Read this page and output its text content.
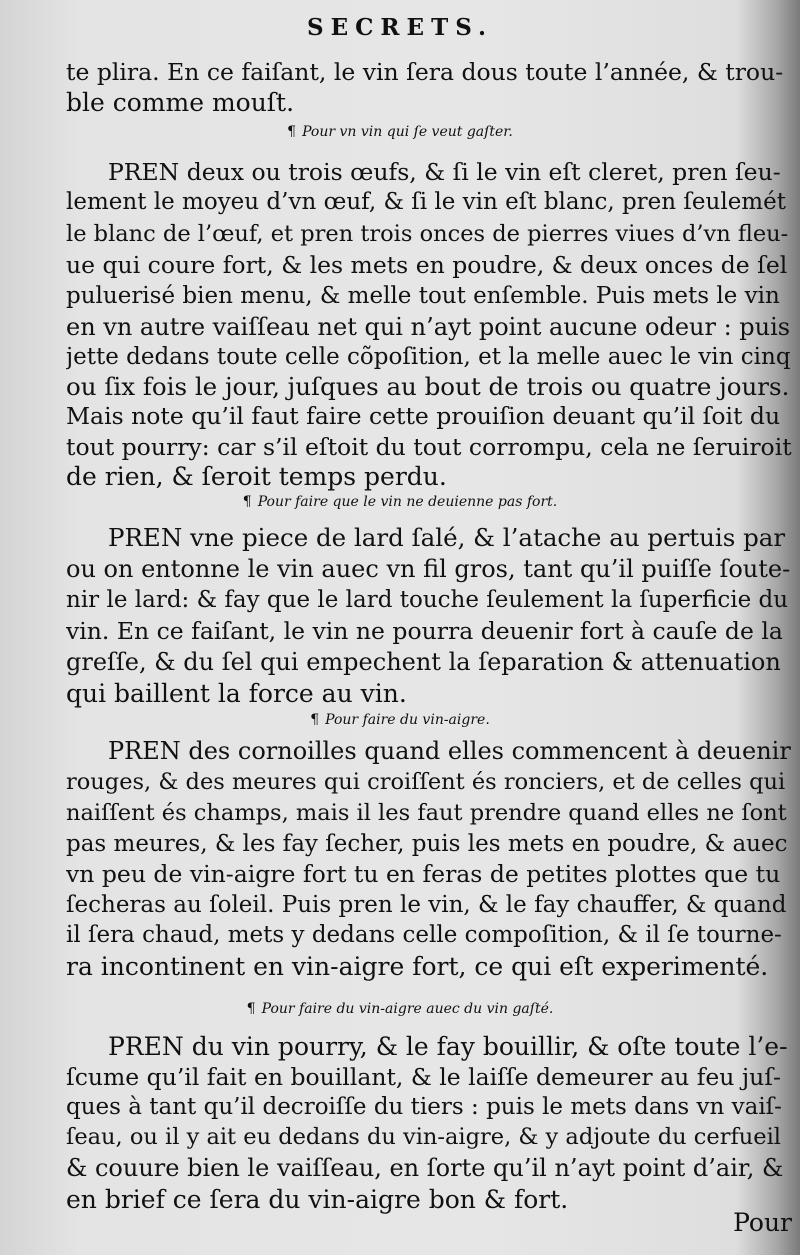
SECRETS.
te plira. En ce faiſant, le vin ſera dous toute l’année, & trou-
ble comme mouſt.
¶ Pour vn vin qui ſe veut gaſter.
PREN deux ou trois œufs, & ſi le vin eſt cleret, pren ſeu-
lement le moyeu d’vn œuf, & ſi le vin eſt blanc, pren ſeulemét
le blanc de l’œuf, et pren trois onces de pierres viues d’vn fleu-
ue qui coure fort, & les mets en poudre, & deux onces de ſel
puluerisé bien menu, & melle tout enſemble. Puis mets le vin
en vn autre vaiſſeau net qui n’ayt point aucune odeur : puis
jette dedans toute celle cõpoſition, et la melle auec le vin cinq
ou ſix fois le jour, juſques au bout de trois ou quatre jours.
Mais note qu’il faut faire cette prouiſion deuant qu’il ſoit du
tout pourry: car s’il eſtoit du tout corrompu, cela ne ſeruiroit
de rien, & ſeroit temps perdu.
¶ Pour faire que le vin ne deuienne pas fort.
PREN vne piece de lard ſalé, & l’atache au pertuis par
ou on entonne le vin auec vn fil gros, tant qu’il puiſſe ſoute-
nir le lard: & fay que le lard touche ſeulement la ſuperficie du
vin. En ce faiſant, le vin ne pourra deuenir fort à cauſe de la
greſſe, & du ſel qui empechent la ſeparation & attenuation
qui baillent la force au vin.
¶ Pour faire du vin-aigre.
PREN des cornoilles quand elles commencent à deuenir
rouges, & des meures qui croiſſent és ronciers, et de celles qui
naiſſent és champs, mais il les faut prendre quand elles ne ſont
pas meures, & les fay ſecher, puis les mets en poudre, & auec
vn peu de vin-aigre fort tu en feras de petites plottes que tu
ſecheras au ſoleil. Puis pren le vin, & le fay chauffer, & quand
il ſera chaud, mets y dedans celle compoſition, & il ſe tourne-
ra incontinent en vin-aigre fort, ce qui eſt experimenté.
¶ Pour faire du vin-aigre auec du vin gaſté.
PREN du vin pourry, & le fay bouillir, & oſte toute l’e-
ſcume qu’il fait en bouillant, & le laiſſe demeurer au feu juſ-
ques à tant qu’il decroiſſe du tiers : puis le mets dans vn vaiſ-
ſeau, ou il y ait eu dedans du vin-aigre, & y adjoute du cerfueil
& couure bien le vaiſſeau, en ſorte qu’il n’ayt point d’air, &
en brief ce ſera du vin-aigre bon & fort.
Pour
